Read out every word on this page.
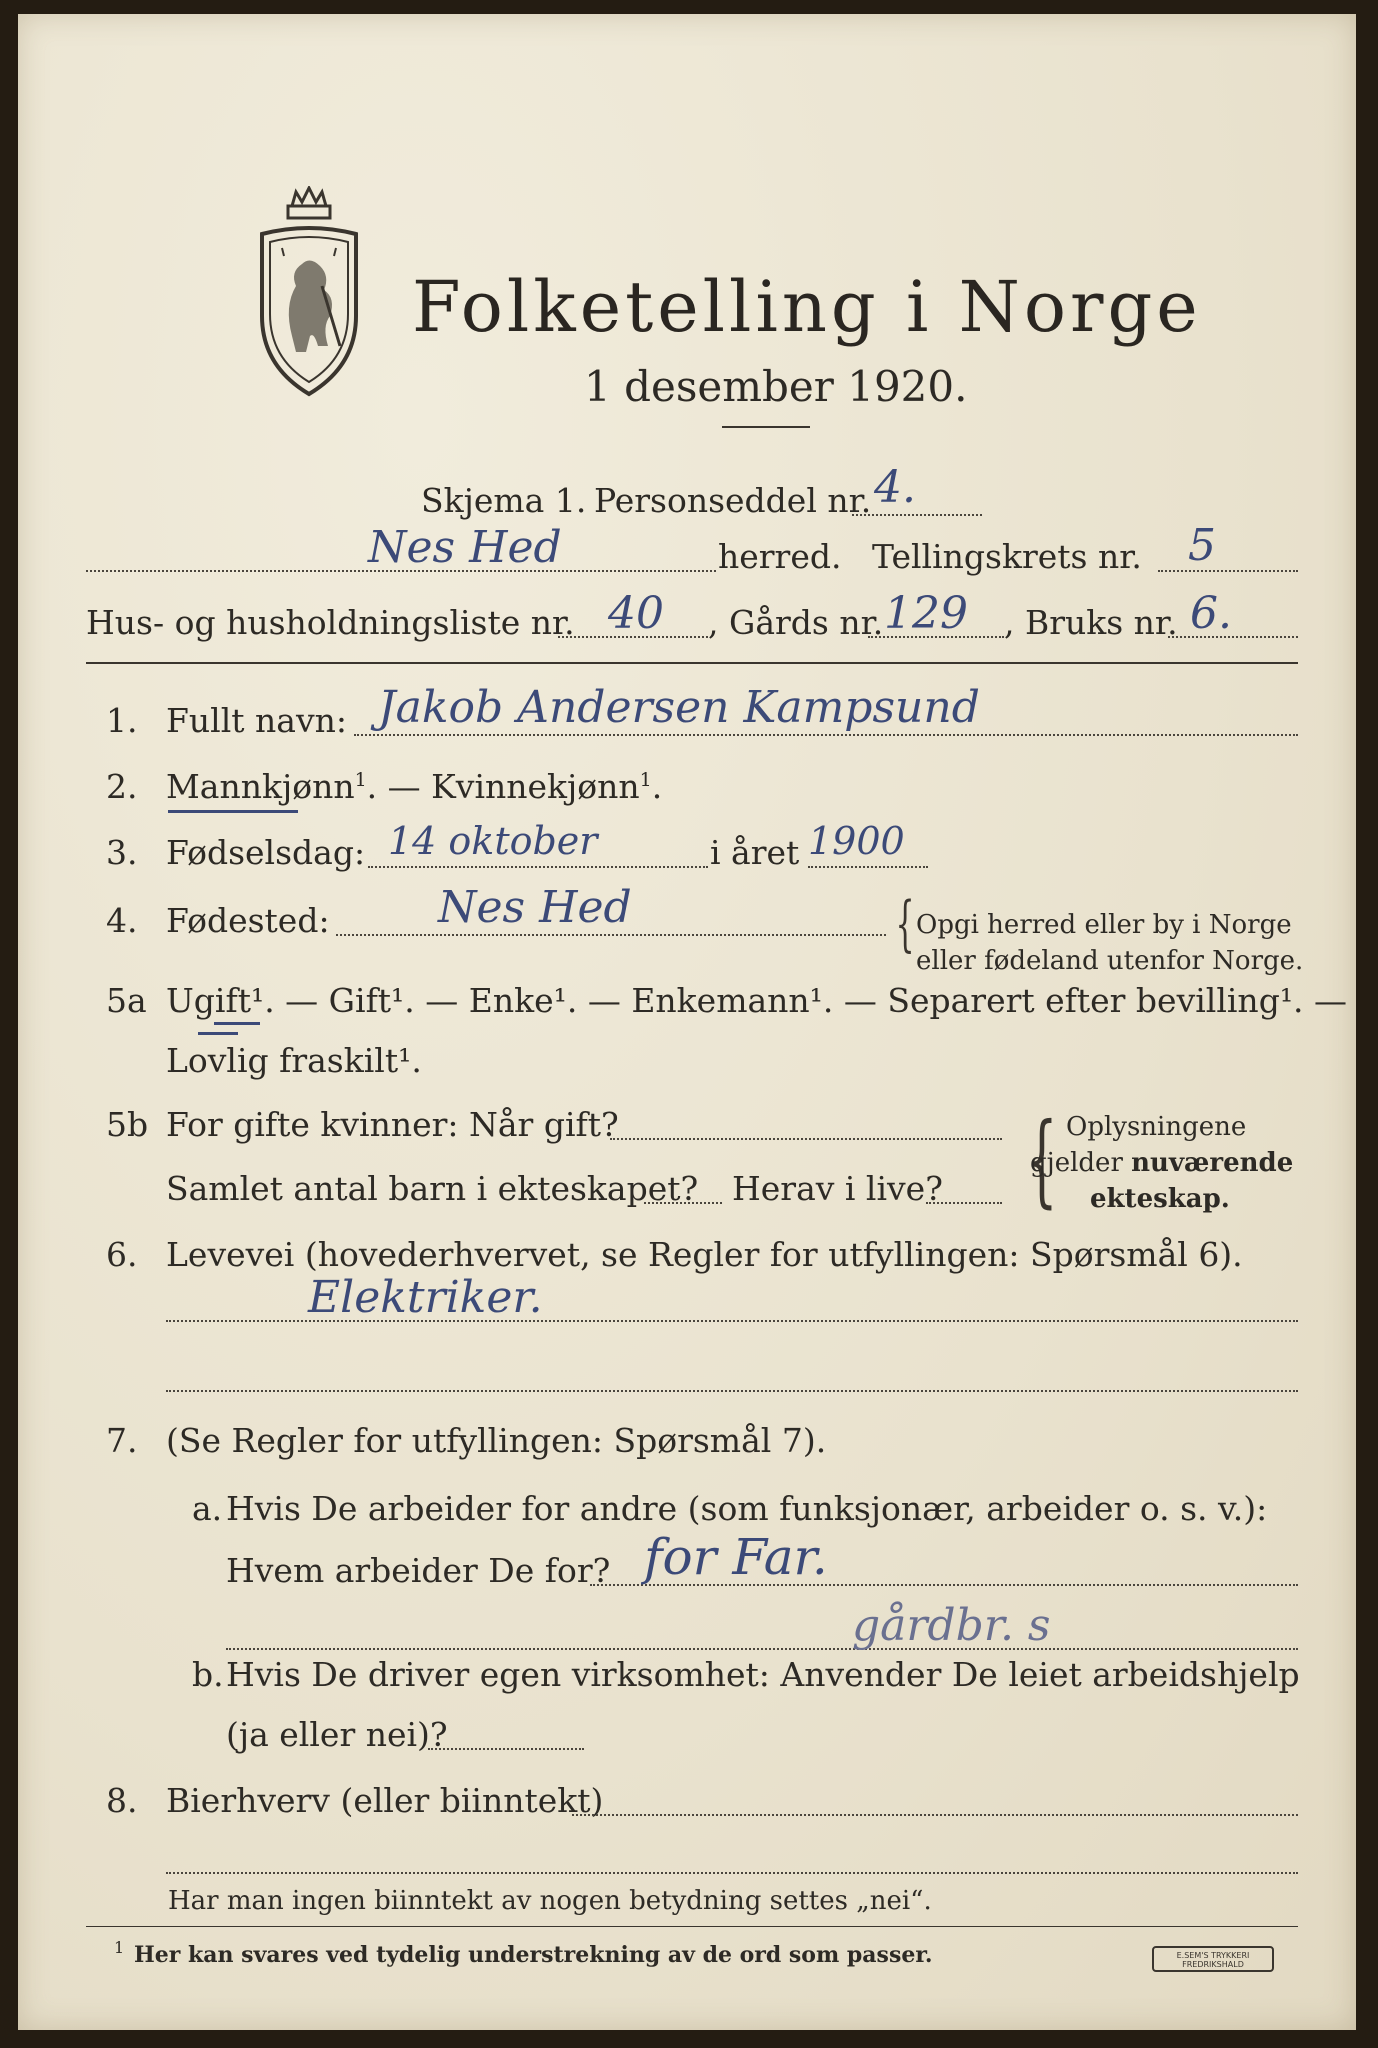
Folketelling i Norge
1 desember 1920.
Skjema 1. Personseddel nr. 4.
Nes Hed	herred. Tellingskrets nr. 5
Hus- og husholdningsliste nr. 40 , Gårds nr. 129 , Bruks nr. 6.
1. Fullt navn: Jakob Andersen Kampsund
2. Mannkjønn$^1$. — Kvinnekjønn$^1$.
3. Fødselsdag: 14 oktober	i året 1900
4. Fødested: Nes Hed	{ Opgi herred eller by i Norge
eller fødeland utenfor Norge.
5a Ugift¹. — Gift¹. — Enke¹. — Enkemann¹. — Separert efter bevilling¹. —
Lovlig fraskilt¹.
5b For gifte kvinner: Når gift?
Samlet antal barn i ekteskapet? Herav i live? { Oplysningene
gjelder nuværende
ekteskap.
6. Levevei (hovederhvervet, se Regler for utfyllingen: Spørsmål 6).
Elektriker.
7. (Se Regler for utfyllingen: Spørsmål 7).
a. Hvis De arbeider for andre (som funksjonær, arbeider o. s. v.):
Hvem arbeider De for? for Far.
gårdbr. s
b. Hvis De driver egen virksomhet: Anvender De leiet arbeidshjelp
(ja eller nei)?
8. Bierhverv (eller biinntekt)
Har man ingen biinntekt av nogen betydning settes „nei“.
1 Her kan svares ved tydelig understrekning av de ord som passer.	E.SEM'S TRYKKERI FREDRIKSHALD
